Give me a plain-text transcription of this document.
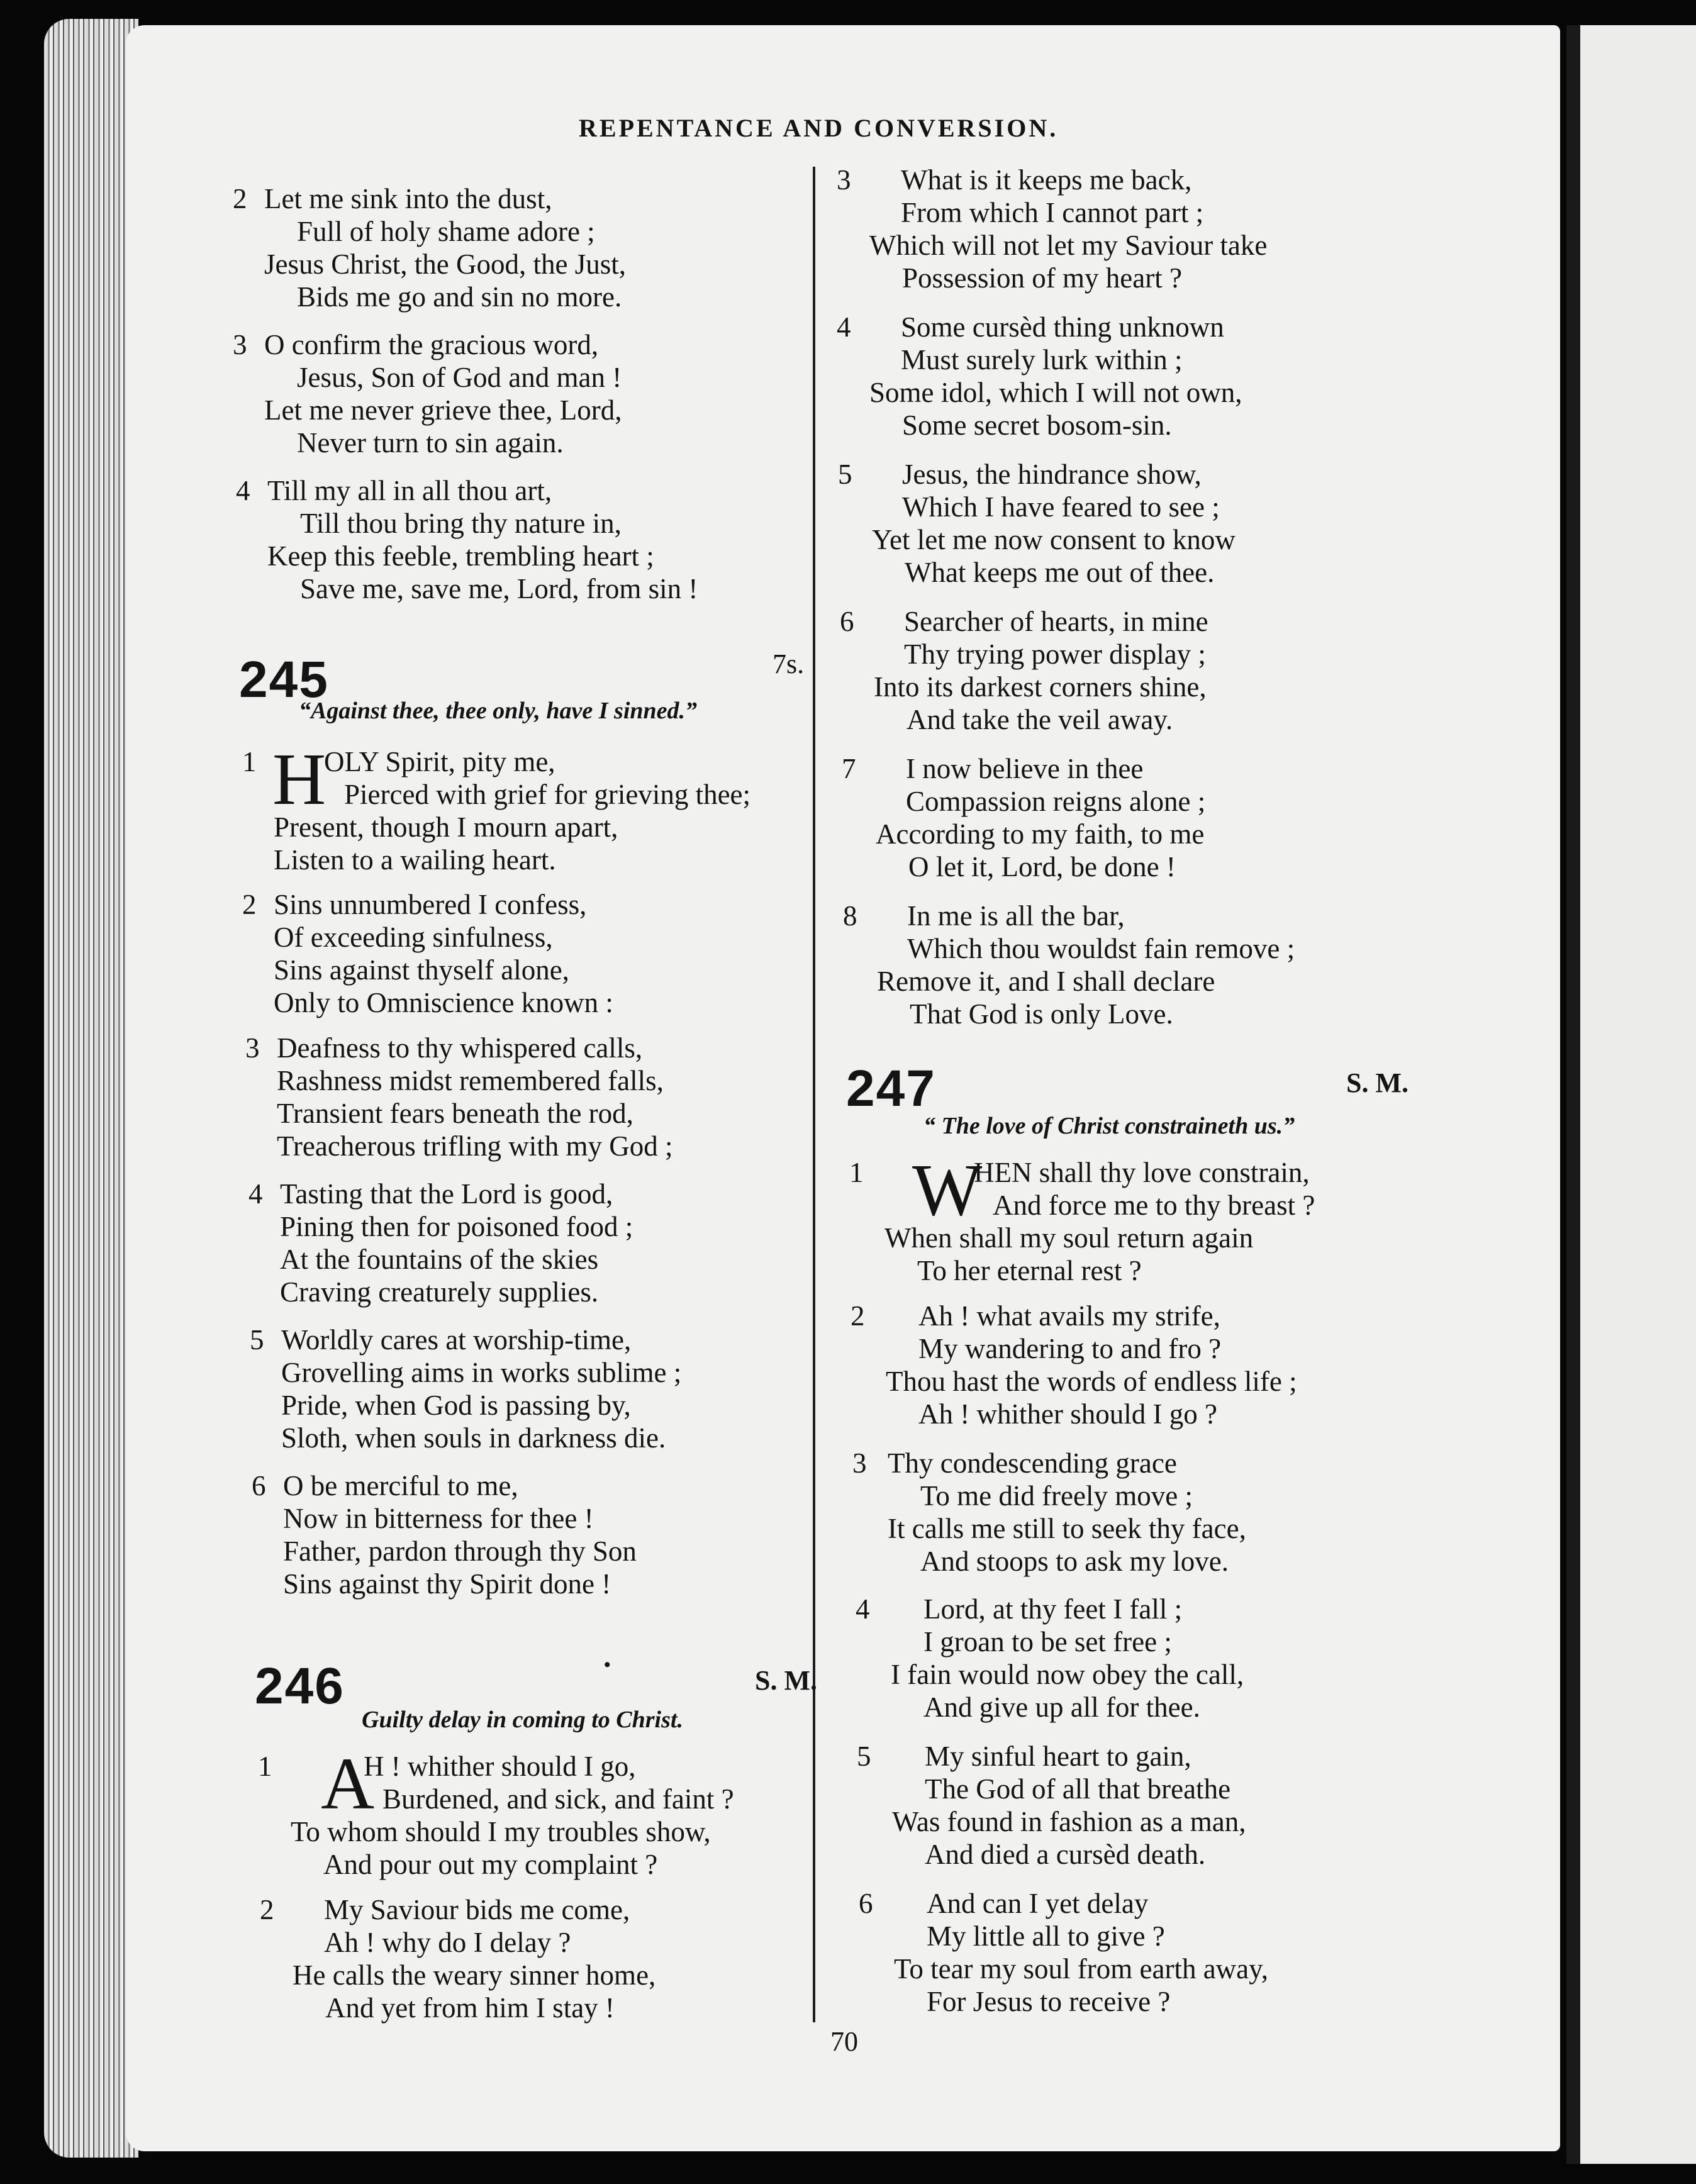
REPENTANCE AND CONVERSION.
2 Let me sink into the dust,
Full of holy shame adore ;
Jesus Christ, the Good, the Just,
Bids me go and sin no more.
3 O confirm the gracious word,
Jesus, Son of God and man !
Let me never grieve thee, Lord,
Never turn to sin again.
4 Till my all in all thou art,
Till thou bring thy nature in,
Keep this feeble, trembling heart ;
Save me, save me, Lord, from sin !
245	7s.
“Against thee, thee only, have I sinned.”
1 H
OLY Spirit, pity me,
Pierced with grief for grieving thee;
Present, though I mourn apart,
Listen to a wailing heart.
2 Sins unnumbered I confess,
Of exceeding sinfulness,
Sins against thyself alone,
Only to Omniscience known :
3 Deafness to thy whispered calls,
Rashness midst remembered falls,
Transient fears beneath the rod,
Treacherous trifling with my God ;
4 Tasting that the Lord is good,
Pining then for poisoned food ;
At the fountains of the skies
Craving creaturely supplies.
5 Worldly cares at worship-time,
Grovelling aims in works sublime ;
Pride, when God is passing by,
Sloth, when souls in darkness die.
6 O be merciful to me,
Now in bitterness for thee !
Father, pardon through thy Son
Sins against thy Spirit done !
246	•
S. M.
Guilty delay in coming to Christ.
1 A
H ! whither should I go,
Burdened, and sick, and faint ?
To whom should I my troubles show,
And pour out my complaint ?
2 My Saviour bids me come,
Ah ! why do I delay ?
He calls the weary sinner home,
And yet from him I stay !
3 What is it keeps me back,
From which I cannot part ;
Which will not let my Saviour take
Possession of my heart ?
4 Some cursèd thing unknown
Must surely lurk within ;
Some idol, which I will not own,
Some secret bosom-sin.
5 Jesus, the hindrance show,
Which I have feared to see ;
Yet let me now consent to know
What keeps me out of thee.
6 Searcher of hearts, in mine
Thy trying power display ;
Into its darkest corners shine,
And take the veil away.
7 I now believe in thee
Compassion reigns alone ;
According to my faith, to me
O let it, Lord, be done !
8 In me is all the bar,
Which thou wouldst fain remove ;
Remove it, and I shall declare
That God is only Love.
247	S. M.
“ The love of Christ constraineth us.”
1 W
HEN shall thy love constrain,
And force me to thy breast ?
When shall my soul return again
To her eternal rest ?
2 Ah ! what avails my strife,
My wandering to and fro ?
Thou hast the words of endless life ;
Ah ! whither should I go ?
3 Thy condescending grace
To me did freely move ;
It calls me still to seek thy face,
And stoops to ask my love.
4 Lord, at thy feet I fall ;
I groan to be set free ;
I fain would now obey the call,
And give up all for thee.
5 My sinful heart to gain,
The God of all that breathe
Was found in fashion as a man,
And died a cursèd death.
6 And can I yet delay
My little all to give ?
To tear my soul from earth away,
For Jesus to receive ?
70
